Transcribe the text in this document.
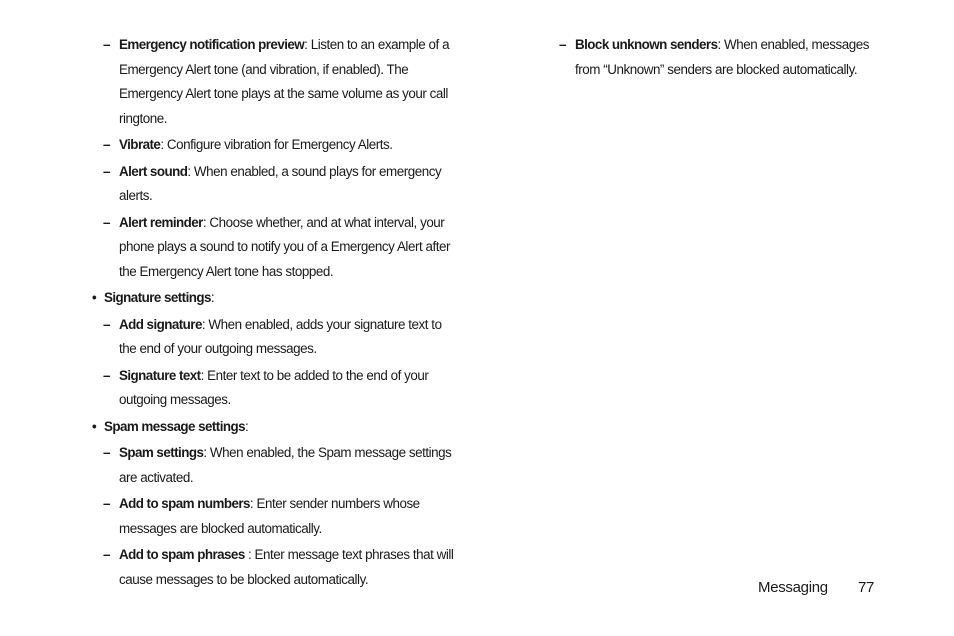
– Emergency notification preview: Listen to an example of a Emergency Alert tone (and vibration, if enabled). The Emergency Alert tone plays at the same volume as your call ringtone.
– Vibrate: Configure vibration for Emergency Alerts.
– Alert sound: When enabled, a sound plays for emergency alerts.
– Alert reminder: Choose whether, and at what interval, your phone plays a sound to notify you of a Emergency Alert after the Emergency Alert tone has stopped.
• Signature settings:
– Add signature: When enabled, adds your signature text to the end of your outgoing messages.
– Signature text: Enter text to be added to the end of your outgoing messages.
• Spam message settings:
– Spam settings: When enabled, the Spam message settings are activated.
– Add to spam numbers: Enter sender numbers whose messages are blocked automatically.
– Add to spam phrases : Enter message text phrases that will cause messages to be blocked automatically.
– Block unknown senders: When enabled, messages from “Unknown” senders are blocked automatically.
Messaging 77
